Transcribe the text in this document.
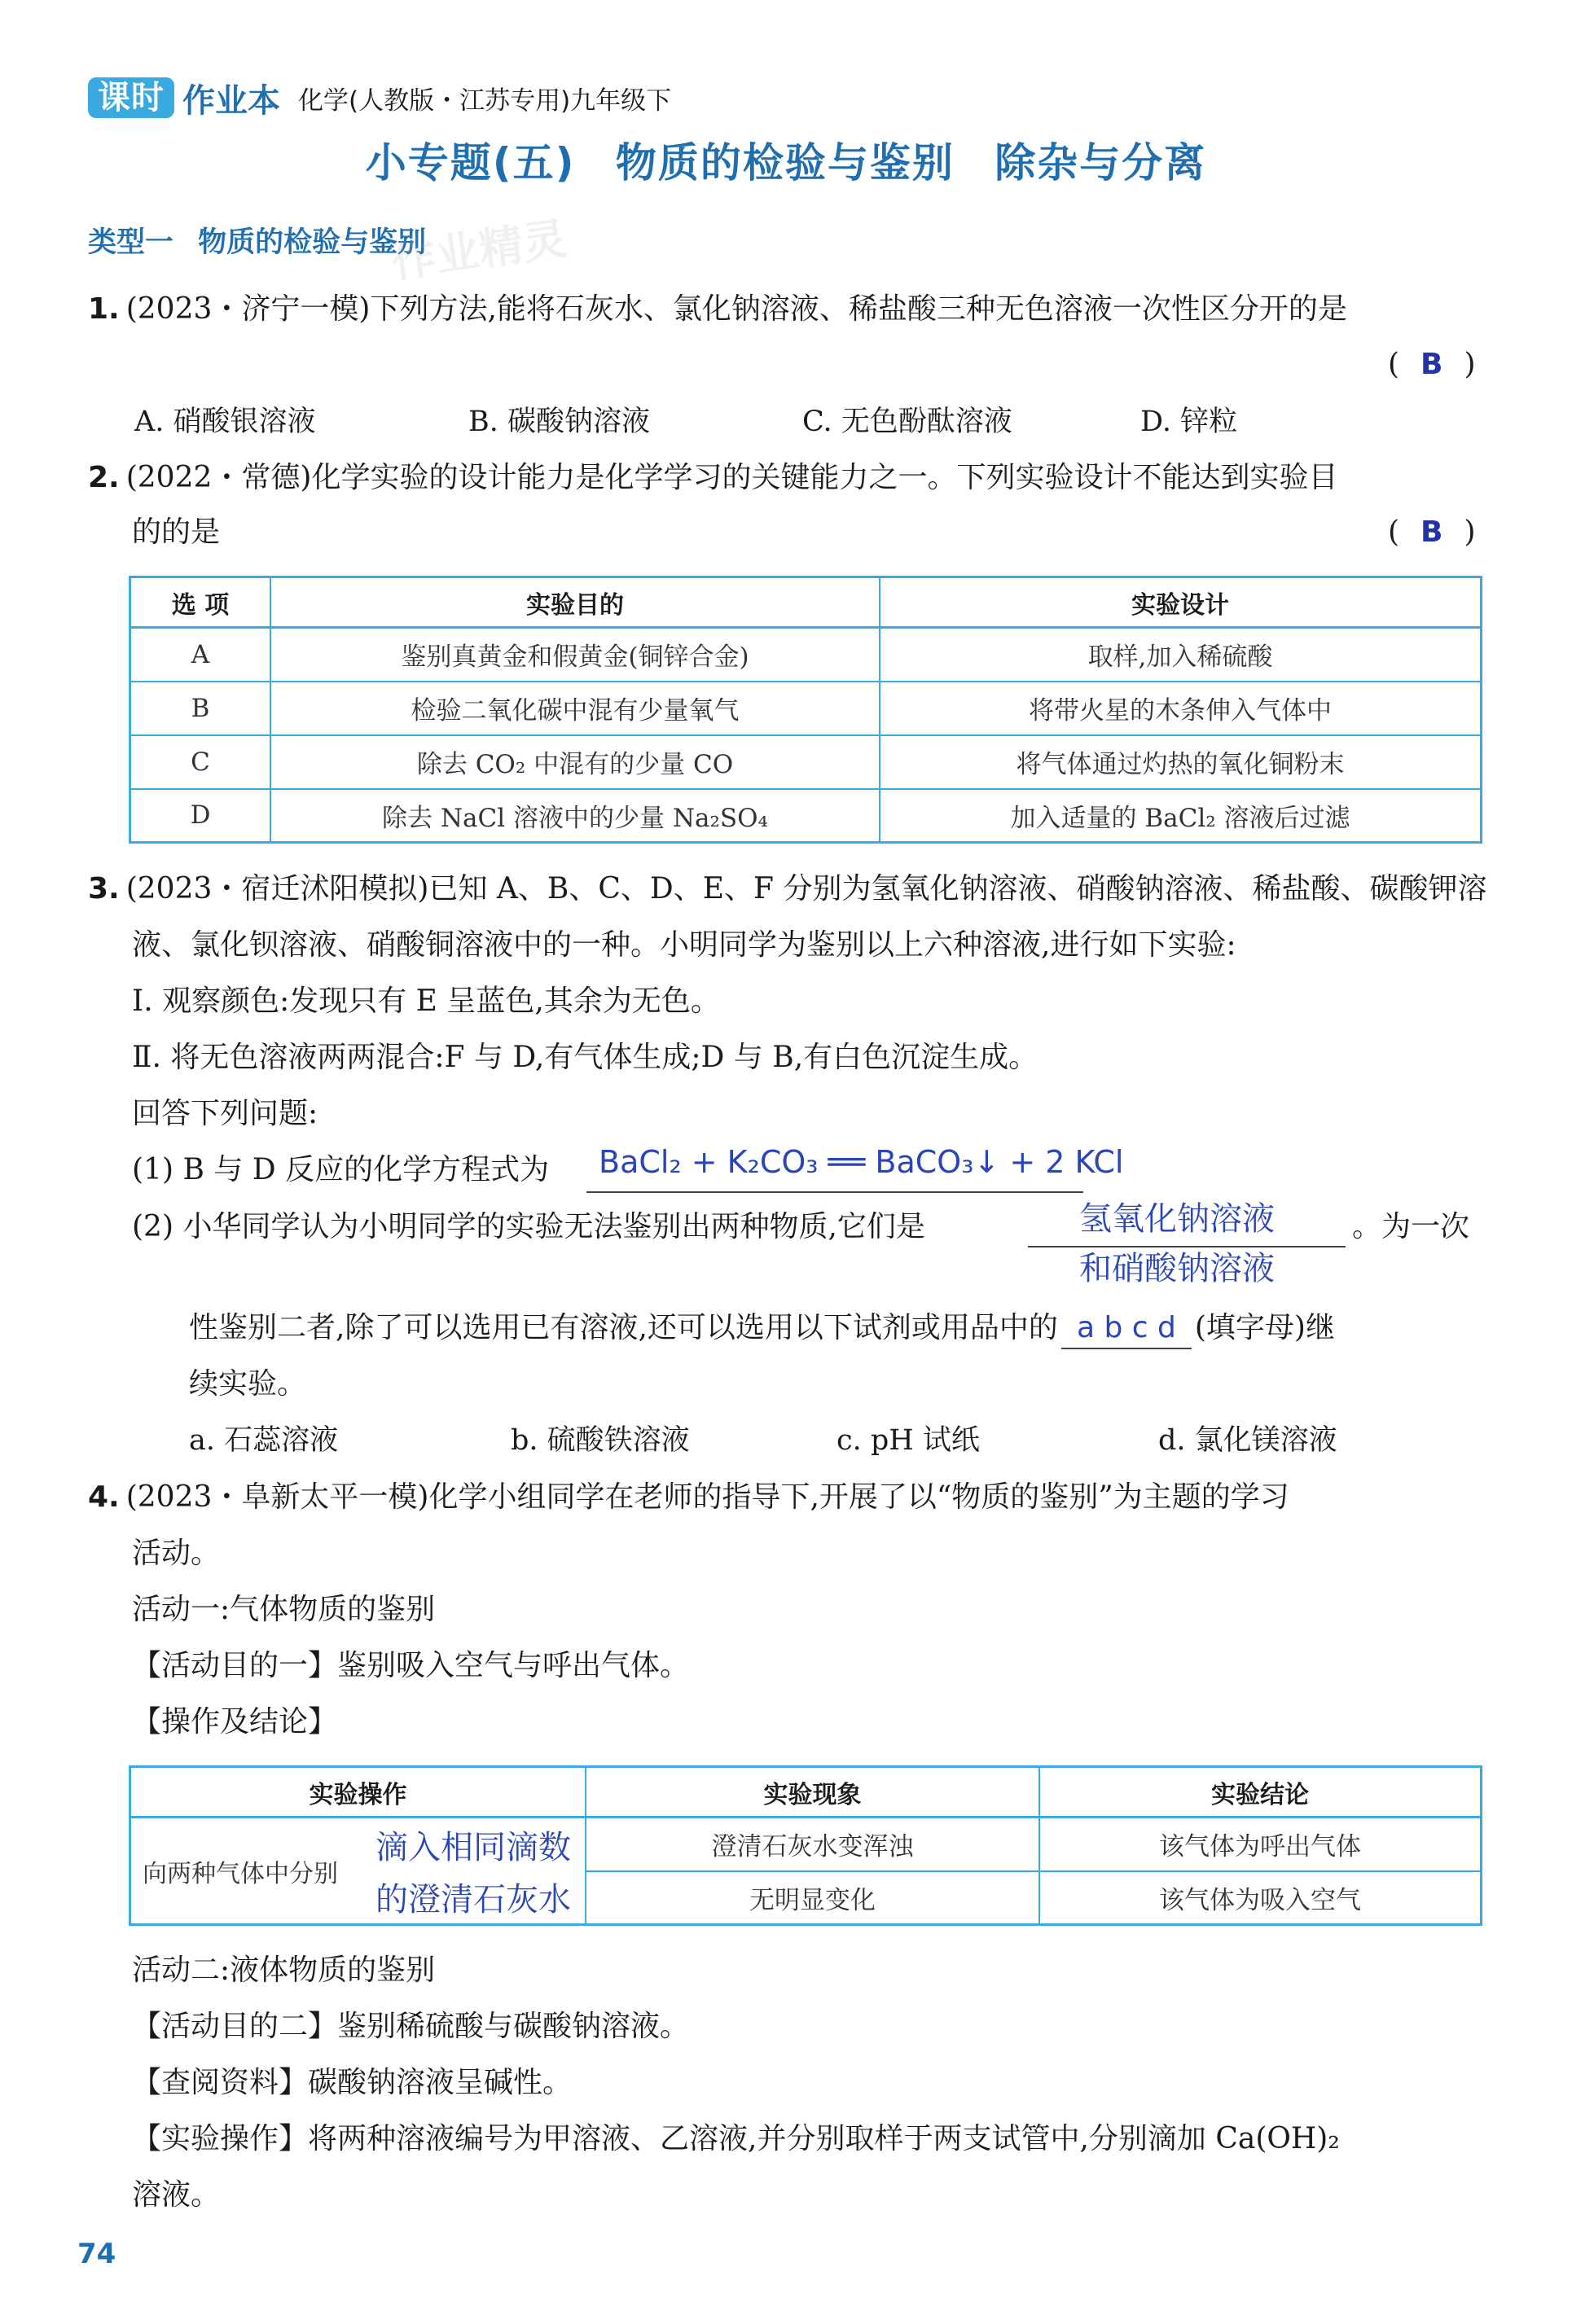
课时 作业本 化学(人教版・江苏专用)九年级下
小专题(五) 物质的检验与鉴别 除杂与分离
类型一 物质的检验与鉴别
作业精灵
1. (2023・济宁一模)下列方法,能将石灰水、氯化钠溶液、稀盐酸三种无色溶液一次性区分开的是
( B )
A. 硝酸银溶液	B. 碳酸钠溶液	C. 无色酚酞溶液	D. 锌粒
2. (2022・常德)化学实验的设计能力是化学学习的关键能力之一。下列实验设计不能达到实验目
的的是	( B )
选 项	实验目的	实验设计
A	鉴别真黄金和假黄金(铜锌合金)	取样,加入稀硫酸
B	检验二氧化碳中混有少量氧气	将带火星的木条伸入气体中
C	除去 CO₂ 中混有的少量 CO	将气体通过灼热的氧化铜粉末
D	除去 NaCl 溶液中的少量 Na₂SO₄	加入适量的 BaCl₂ 溶液后过滤
3. (2023・宿迁沭阳模拟)已知 A、B、C、D、E、F 分别为氢氧化钠溶液、硝酸钠溶液、稀盐酸、碳酸钾溶
液、氯化钡溶液、硝酸铜溶液中的一种。小明同学为鉴别以上六种溶液,进行如下实验:
Ⅰ. 观察颜色:发现只有 E 呈蓝色,其余为无色。
Ⅱ. 将无色溶液两两混合:F 与 D,有气体生成;D 与 B,有白色沉淀生成。
回答下列问题:
(1) B 与 D 反应的化学方程式为 BaCl₂ + K₂CO₃ ══ BaCO₃↓ + 2 KCl
(2) 小华同学认为小明同学的实验无法鉴别出两种物质,它们是	氢氧化钠溶液
和硝酸钠溶液
。为一次
性鉴别二者,除了可以选用已有溶液,还可以选用以下试剂或用品中的 a b c d (填字母)继
续实验。
a. 石蕊溶液	b. 硫酸铁溶液	c. pH 试纸	d. 氯化镁溶液
4. (2023・阜新太平一模)化学小组同学在老师的指导下,开展了以“物质的鉴别”为主题的学习
活动。
活动一:气体物质的鉴别
【活动目的一】鉴别吸入空气与呼出气体。
【操作及结论】
实验操作	实验现象	实验结论
向两种气体中分别
滴入相同滴数
的澄清石灰水	澄清石灰水变浑浊	该气体为呼出气体
	无明显变化	该气体为吸入空气
活动二:液体物质的鉴别
【活动目的二】鉴别稀硫酸与碳酸钠溶液。
【查阅资料】碳酸钠溶液呈碱性。
【实验操作】将两种溶液编号为甲溶液、乙溶液,并分别取样于两支试管中,分别滴加 Ca(OH)₂
溶液。
74
